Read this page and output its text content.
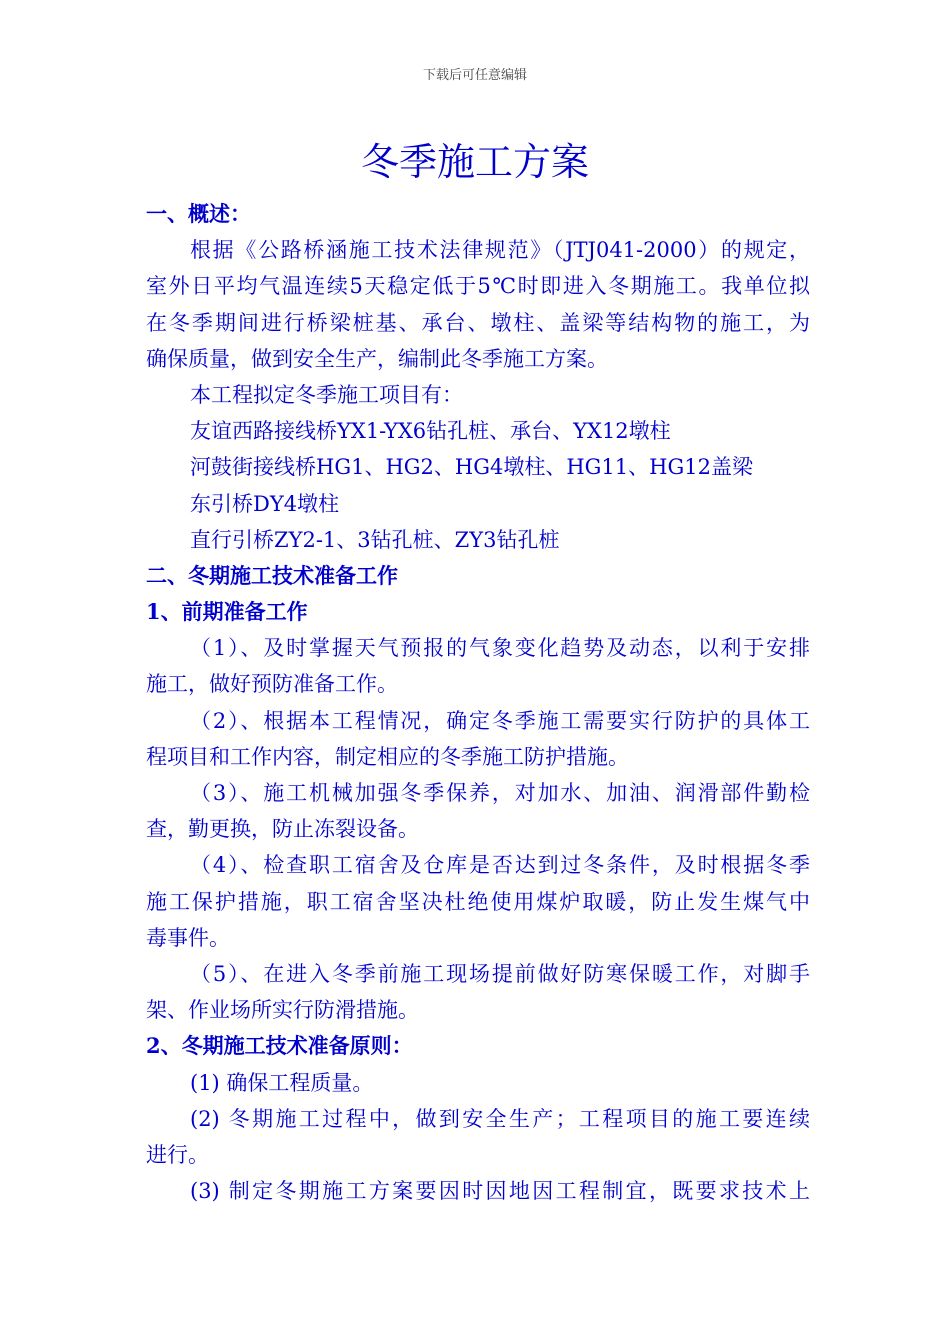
下载后可任意编辑
冬季施工方案
一、概述：
根据《公路桥涵施工技术法律规范》（JTJ041-2000）的规定，
室外日平均气温连续5天稳定低于5℃时即进入冬期施工。我单位拟
在冬季期间进行桥梁桩基、承台、墩柱、盖梁等结构物的施工，为
确保质量，做到安全生产，编制此冬季施工方案。
本工程拟定冬季施工项目有：
友谊西路接线桥YX1-YX6钻孔桩、承台、YX12墩柱
河鼓街接线桥HG1、HG2、HG4墩柱、HG11、HG12盖梁
东引桥DY4墩柱
直行引桥ZY2-1、3钻孔桩、ZY3钻孔桩
二、冬期施工技术准备工作
1、前期准备工作
（1）、及时掌握天气预报的气象变化趋势及动态，以利于安排
施工，做好预防准备工作。
（2）、根据本工程情况，确定冬季施工需要实行防护的具体工
程项目和工作内容，制定相应的冬季施工防护措施。
（3）、施工机械加强冬季保养，对加水、加油、润滑部件勤检
查，勤更换，防止冻裂设备。
（4）、检查职工宿舍及仓库是否达到过冬条件，及时根据冬季
施工保护措施，职工宿舍坚决杜绝使用煤炉取暖，防止发生煤气中
毒事件。
（5）、在进入冬季前施工现场提前做好防寒保暖工作，对脚手
架、作业场所实行防滑措施。
2、冬期施工技术准备原则：
(1) 确保工程质量。
(2) 冬期施工过程中，做到安全生产；工程项目的施工要连续
进行。
(3) 制定冬期施工方案要因时因地因工程制宜，既要求技术上
